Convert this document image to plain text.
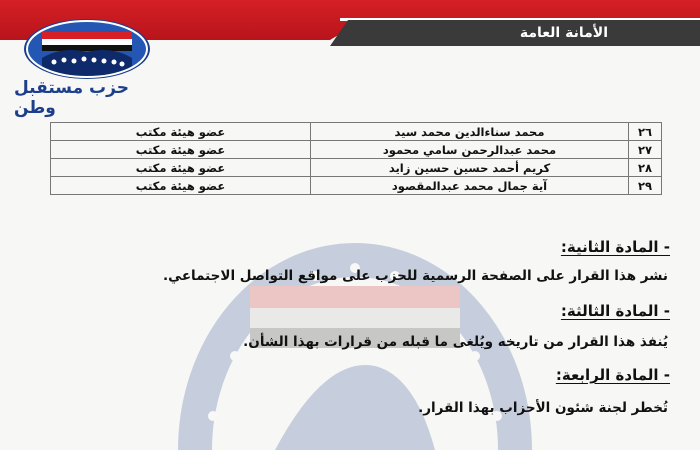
الأمانة العامة
حزب مستقبل وطن
٢٦	محمد سناءالدين محمد سيد	عضو هيئة مكتب
٢٧	محمد عبدالرحمن سامي محمود	عضو هيئة مكتب
٢٨	كريم أحمد حسين حسين زايد	عضو هيئة مكتب
٢٩	آية جمال محمد عبدالمقصود	عضو هيئة مكتب
- المادة الثانية:
نشر هذا القرار على الصفحة الرسمية للحزب على مواقع التواصل الاجتماعي.
- المادة الثالثة:
يُنفذ هذا القرار من تاريخه ويُلغى ما قبله من قرارات بهذا الشأن.
- المادة الرابعة:
تُخطر لجنة شئون الأحزاب بهذا القرار.
